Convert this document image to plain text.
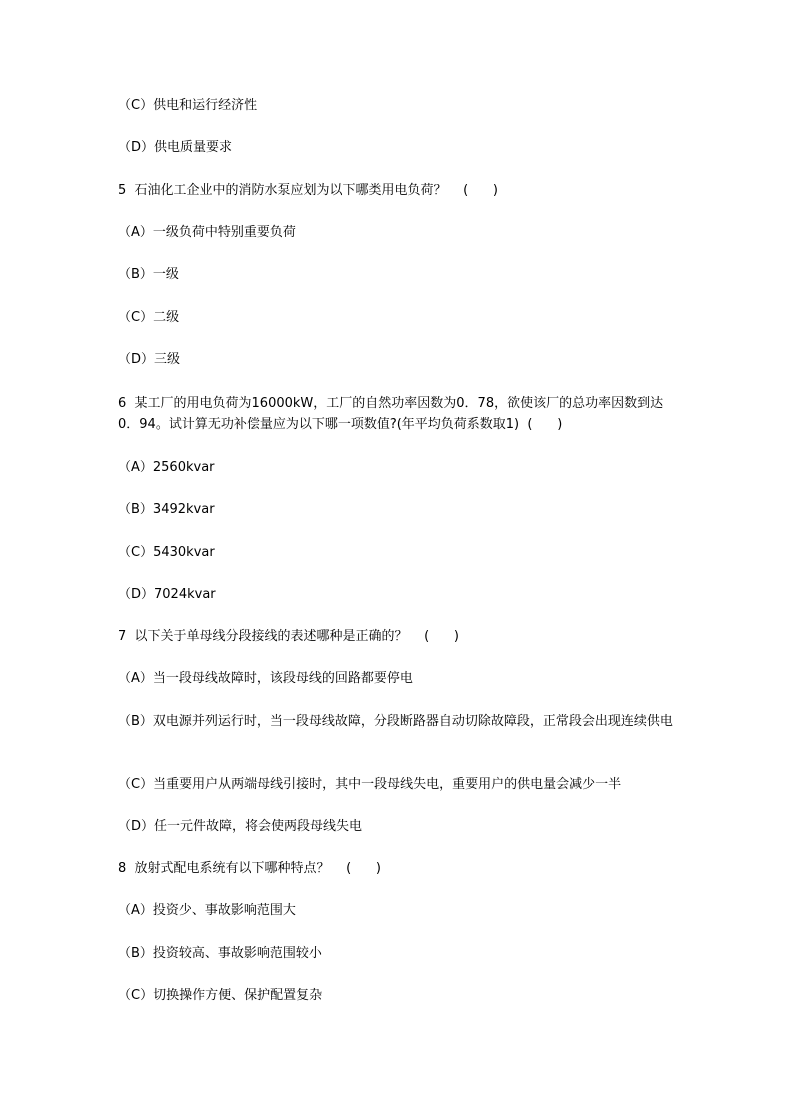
（C）供电和运行经济性

（D）供电质量要求

5  石油化工企业中的消防水泵应划为以下哪类用电负荷？    (      )

（A）一级负荷中特别重要负荷

（B）一级

（C）二级

（D）三级

6  某工厂的用电负荷为16000kW，工厂的自然功率因数为0．78，欲使该厂的总功率因数到达0．94。试计算无功补偿量应为以下哪一项数值?(年平均负荷系数取1)  (      )

（A）2560kvar

（B）3492kvar

（C）5430kvar

（D）7024kvar

7  以下关于单母线分段接线的表述哪种是正确的？    (      )

（A）当一段母线故障时，该段母线的回路都要停电

（B）双电源并列运行时，当一段母线故障，分段断路器自动切除故障段，正常段会出现连续供电

（C）当重要用户从两端母线引接时，其中一段母线失电，重要用户的供电量会减少一半

（D）任一元件故障，将会使两段母线失电

8  放射式配电系统有以下哪种特点？    (      )

（A）投资少、事故影响范围大

（B）投资较高、事故影响范围较小

（C）切换操作方便、保护配置复杂
